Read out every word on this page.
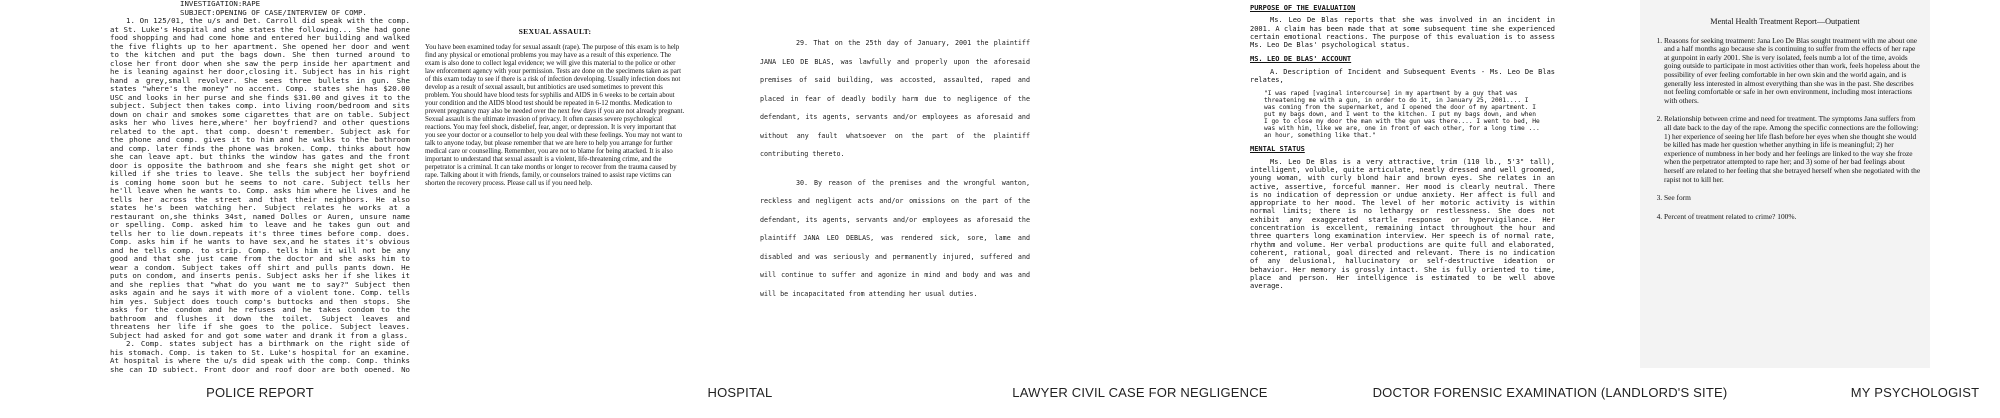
INVESTIGATION:RAPE
SUBJECT:OPENING OF CASE/INTERVIEW OF COMP.

1. On 125/01, the u/s and Det. Carroll did speak with the comp. at St. Luke's Hospital and she states the following... She had gone food shopping and had come home and entered her building and walked the five flights up to her apartment. She opened her door and went to the kitchen and put the bags down. She then turned around to close her front door when she saw the perp inside her apartment and he is leaning against her door,closing it. Subject has in his right hand a grey,small revolver. She sees three bullets in gun. She states "where's the money" no accent. Comp. states she has $20.00 USC and looks in her purse and she finds $31.00 and gives it to the subject. Subject then takes comp. into living room/bedroom and sits down on chair and smokes some cigarettes that are on table. Subject asks her who lives here,where' her boyfriend? and other questions related to the apt. that comp. doesn't remember. Subject ask for the phone and comp. gives it to him and he walks to the bathroom and comp. later finds the phone was broken. Comp. thinks about how she can leave apt. but thinks the window has gates and the front door is opposite the bathroom and she fears she might get shot or killed if she tries to leave. She tells the subject her boyfriend is coming home soon but he seems to not care. Subject tells her he'll leave when he wants to. Comp. asks him where he lives and he tells her across the street and that their neighbors. He also states he's been watching her. Subject relates he works at a restaurant on,she thinks 34st, named Dolles or Auren, unsure name or spelling. Comp. asked him to leave and he takes gun out and tells her to lie down.repeats it's three times before comp. does. Comp. asks him if he wants to have sex,and he states it's obvious and he tells comp. to strip. Comp. tells him it will not be any good and that she just came from the doctor and she asks him to wear a condom. Subject takes off shirt and pulls pants down. He puts on condom, and inserts penis. Subject asks her if she likes it and she replies that "what do you want me to say?" Subject then asks again and he says it with more of a violent tone. Comp. tells him yes. Subject does touch comp's buttocks and then stops. She asks for the condom and he refuses and he takes condom to the bathroom and flushes it down the toilet. Subject leaves and threatens her life if she goes to the police. Subject leaves. Subject had asked for and got some water and drank it from a glass.

2. Comp. states subject has a birthmark on the right side of his stomach. Comp. is taken to St. Luke's hospital for an examine. At hospital is where the u/s did speak with the comp. Comp. thinks she can ID subject. Front door and roof door are both opened. No

SEXUAL ASSAULT:

You have been examined today for sexual assault (rape). The purpose of this exam is to help find any physical or emotional problems you may have as a result of this experience. The exam is also done to collect legal evidence; we will give this material to the police or other law enforcement agency with your permission. Tests are done on the specimens taken as part of this exam today to see if there is a risk of infection developing. Usually infection does not develop as a result of sexual assault, but antibiotics are used sometimes to prevent this problem. You should have blood tests for syphilis and AIDS in 6 weeks to be certain about your condition and the AIDS blood test should be repeated in 6-12 months. Medication to prevent pregnancy may also be needed over the next few days if you are not already pregnant. Sexual assault is the ultimate invasion of privacy. It often causes severe psychological reactions. You may feel shock, disbelief, fear, anger, or depression. It is very important that you see your doctor or a counsellor to help you deal with these feelings. You may not want to talk to anyone today, but please remember that we are here to help you arrange for further medical care or counselling. Remember, you are not to blame for being attacked. It is also important to understand that sexual assault is a violent, life-threatening crime, and the perpetrator is a criminal. It can take months or longer to recover from the trauma caused by rape. Talking about it with friends, family, or counselors trained to assist rape victims can shorten the recovery process. Please call us if you need help.

29. That on the 25th day of January, 2001 the plaintiff JANA LEO DE BLAS, was lawfully and properly upon the aforesaid premises of said building, was accosted, assaulted, raped and placed in fear of deadly bodily harm due to negligence of the defendant, its agents, servants and/or employees as aforesaid and without any fault whatsoever on the part of the plaintiff contributing thereto.

30. By reason of the premises and the wrongful wanton, reckless and negligent acts and/or omissions on the part of the defendant, its agents, servants and/or employees as aforesaid the plaintiff JANA LEO DEBLAS, was rendered sick, sore, lame and disabled and was seriously and permanently injured, suffered and will continue to suffer and agonize in mind and body and was and will be incapacitated from attending her usual duties.

PURPOSE OF THE EVALUATION

Ms. Leo De Blas reports that she was involved in an incident in 2001. A claim has been made that at some subsequent time she experienced certain emotional reactions. The purpose of this evaluation is to assess Ms. Leo De Blas' psychological status.

MS. LEO DE BLAS' ACCOUNT

A. Description of Incident and Subsequent Events - Ms. Leo De Blas relates,

"I was raped [vaginal intercourse] in my apartment by a guy that was threatening me with a gun, in order to do it, in January 25, 2001.... I was coming from the supermarket, and I opened the door of my apartment. I put my bags down, and I went to the kitchen. I put my bags down, and when I go to close my door the man with the gun was there.... I went to bed, He was with him, like we are, one in front of each other, for a long time ... an hour, something like that."
MENTAL STATUS

Ms. Leo De Blas is a very attractive, trim (110 lb., 5'3" tall), intelligent, voluble, quite articulate, neatly dressed and well groomed, young woman, with curly blond hair and brown eyes. She relates in an active, assertive, forceful manner. Her mood is clearly neutral. There is no indication of depression or undue anxiety. Her affect is full and appropriate to her mood. The level of her motoric activity is within normal limits; there is no lethargy or restlessness. She does not exhibit any exaggerated startle response or hypervigilance. Her concentration is excellent, remaining intact throughout the hour and three quarters long examination interview. Her speech is of normal rate, rhythm and volume. Her verbal productions are quite full and elaborated, coherent, rational, goal directed and relevant. There is no indication of any delusional, hallucinatory or self-destructive ideation or behavior. Her memory is grossly intact. She is fully oriented to time, place and person. Her intelligence is estimated to be well above average.

Mental Health Treatment Report—Outpatient
1. Reasons for seeking treatment: Jana Leo De Blas sought treatment with me about one and a half months ago because she is continuing to suffer from the effects of her rape at gunpoint in early 2001. She is very isolated, feels numb a lot of the time, avoids going outside to participate in most activities other than work, feels hopeless about the possibility of ever feeling comfortable in her own skin and the world again, and is generally less interested in almost everything than she was in the past. She describes not feeling comfortable or safe in her own environment, including most interactions with others.
2. Relationship between crime and need for treatment. The symptoms Jana suffers from all date back to the day of the rape. Among the specific connections are the following: 1) her experience of seeing her life flash before her eyes when she thought she would be killed has made her question whether anything in life is meaningful; 2) her experience of numbness in her body and her feelings are linked to the way she froze when the perpetrator attempted to rape her; and 3) some of her bad feelings about herself are related to her feeling that she betrayed herself when she negotiated with the rapist not to kill her.
3. See form
4. Percent of treatment related to crime? 100%.
POLICE REPORT	HOSPITAL	LAWYER CIVIL CASE FOR NEGLIGENCE	DOCTOR FORENSIC EXAMINATION (LANDLORD'S SITE)	MY PSYCHOLOGIST
